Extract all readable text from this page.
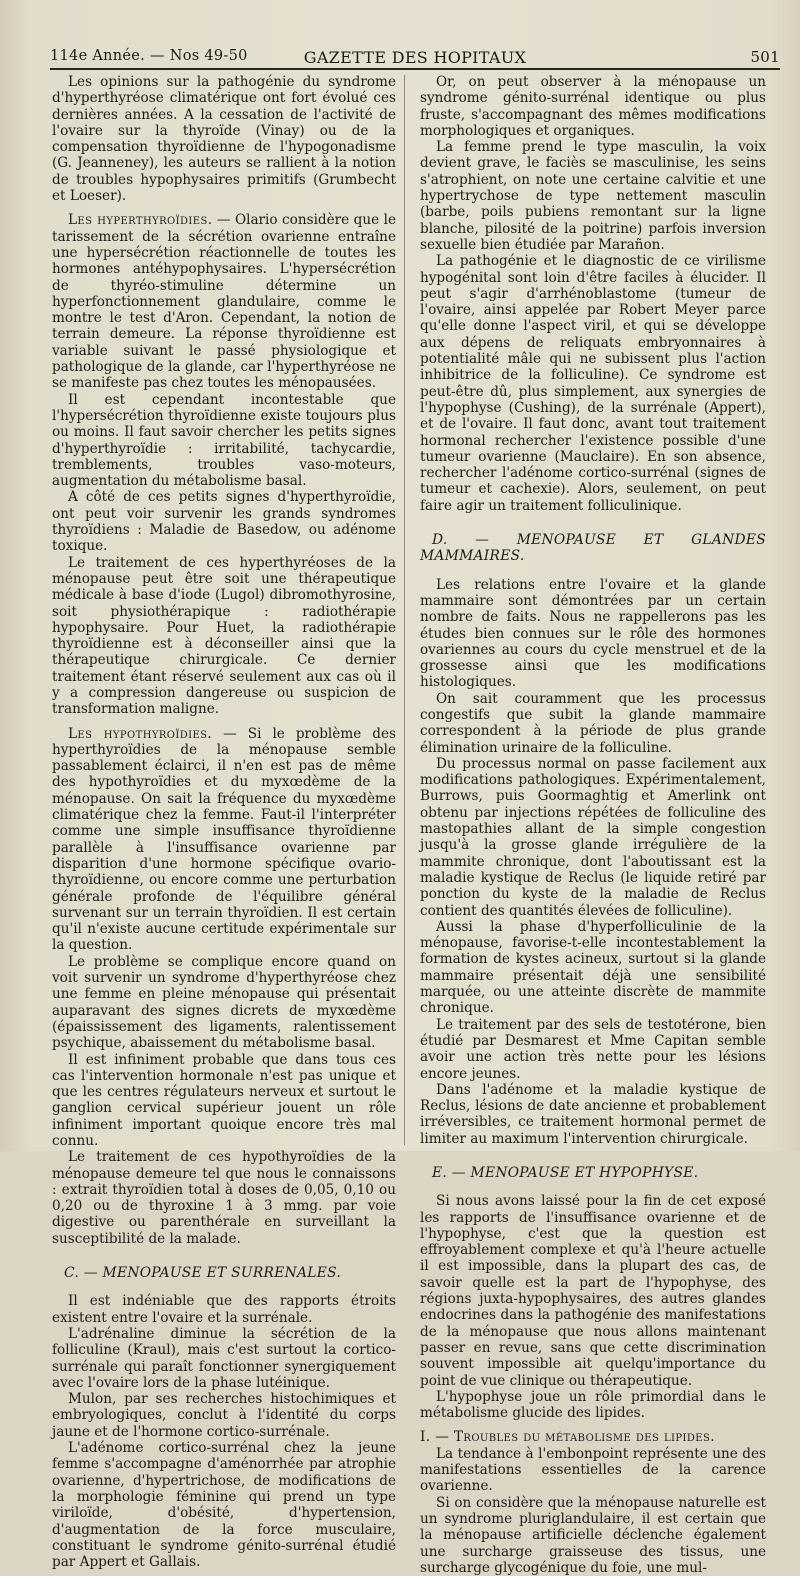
114e Année. — Nos 49-50	GAZETTE DES HOPITAUX	501

Les opinions sur la pathogénie du syndrome d'hyperthyréose climatérique ont fort évolué ces dernières années. A la cessation de l'activité de l'ovaire sur la thyroïde (Vinay) ou de la compensation thyroïdienne de l'hypogonadisme (G. Jeanneney), les auteurs se rallient à la notion de troubles hypophysaires primitifs (Grumbecht et Loeser).

Les hyperthyroïdies. — Olario considère que le tarissement de la sécrétion ovarienne entraîne une hypersécrétion réactionnelle de toutes les hormones antéhypophysaires. L'hypersécrétion de thyréo-stimuline détermine un hyperfonctionnement glandulaire, comme le montre le test d'Aron. Cependant, la notion de terrain demeure. La réponse thyroïdienne est variable suivant le passé physiologique et pathologique de la glande, car l'hyperthyréose ne se manifeste pas chez toutes les ménopausées.

Il est cependant incontestable que l'hypersécrétion thyroïdienne existe toujours plus ou moins. Il faut savoir chercher les petits signes d'hyperthyroïdie : irritabilité, tachycardie, tremblements, troubles vaso-moteurs, augmentation du métabolisme basal.

A côté de ces petits signes d'hyperthyroïdie, ont peut voir survenir les grands syndromes thyroïdiens : Maladie de Basedow, ou adénome toxique.

Le traitement de ces hyperthyréoses de la ménopause peut être soit une thérapeutique médicale à base d'iode (Lugol) dibromothyrosine, soit physiothérapique : radiothérapie hypophysaire. Pour Huet, la radiothérapie thyroïdienne est à déconseiller ainsi que la thérapeutique chirurgicale. Ce dernier traitement étant réservé seulement aux cas où il y a compression dangereuse ou suspicion de transformation maligne.

Les hypothyroïdies. — Si le problème des hyperthyroïdies de la ménopause semble passablement éclairci, il n'en est pas de même des hypothyroïdies et du myxœdème de la ménopause. On sait la fréquence du myxœdème climatérique chez la femme. Faut-il l'interpréter comme une simple insuffisance thyroïdienne parallèle à l'insuffisance ovarienne par disparition d'une hormone spécifique ovario-thyroïdienne, ou encore comme une perturbation générale profonde de l'équilibre général survenant sur un terrain thyroïdien. Il est certain qu'il n'existe aucune certitude expérimentale sur la question.

Le problème se complique encore quand on voit survenir un syndrome d'hyperthyréose chez une femme en pleine ménopause qui présentait auparavant des signes dicrets de myxœdème (épaississement des ligaments, ralentissement psychique, abaissement du métabolisme basal.

Il est infiniment probable que dans tous ces cas l'intervention hormonale n'est pas unique et que les centres régulateurs nerveux et surtout le ganglion cervical supérieur jouent un rôle infiniment important quoique encore très mal connu.

Le traitement de ces hypothyroïdies de la ménopause demeure tel que nous le connaissons : extrait thyroïdien total à doses de 0,05, 0,10 ou 0,20 ou de thyroxine 1 à 3 mmg. par voie digestive ou parenthérale en surveillant la susceptibilité de la malade.

C. — MENOPAUSE ET SURRENALES.

Il est indéniable que des rapports étroits existent entre l'ovaire et la surrénale.

L'adrénaline diminue la sécrétion de la folliculine (Kraul), mais c'est surtout la cortico-surrénale qui paraît fonctionner synergiquement avec l'ovaire lors de la phase lutéinique.

Mulon, par ses recherches histochimiques et embryologiques, conclut à l'identité du corps jaune et de l'hormone cortico-surrénale.

L'adénome cortico-surrénal chez la jeune femme s'accompagne d'aménorrhée par atrophie ovarienne, d'hypertrichose, de modifications de la morphologie féminine qui prend un type viriloïde, d'obésité, d'hypertension, d'augmentation de la force musculaire, constituant le syndrome génito-surrénal étudié par Appert et Gallais.

Or, on peut observer à la ménopause un syndrome génito-surrénal identique ou plus fruste, s'accompagnant des mêmes modifications morphologiques et organiques.

La femme prend le type masculin, la voix devient grave, le faciès se masculinise, les seins s'atrophient, on note une certaine calvitie et une hypertrychose de type nettement masculin (barbe, poils pubiens remontant sur la ligne blanche, pilosité de la poitrine) parfois inversion sexuelle bien étudiée par Marañon.

La pathogénie et le diagnostic de ce virilisme hypogénital sont loin d'être faciles à élucider. Il peut s'agir d'arrhénoblastome (tumeur de l'ovaire, ainsi appelée par Robert Meyer parce qu'elle donne l'aspect viril, et qui se développe aux dépens de reliquats embryonnaires à potentialité mâle qui ne subissent plus l'action inhibitrice de la folliculine). Ce syndrome est peut-être dû, plus simplement, aux synergies de l'hypophyse (Cushing), de la surrénale (Appert), et de l'ovaire. Il faut donc, avant tout traitement hormonal rechercher l'existence possible d'une tumeur ovarienne (Mauclaire). En son absence, rechercher l'adénome cortico-surrénal (signes de tumeur et cachexie). Alors, seulement, on peut faire agir un traitement folliculinique.

D. — MENOPAUSE ET GLANDES MAMMAIRES.

Les relations entre l'ovaire et la glande mammaire sont démontrées par un certain nombre de faits. Nous ne rappellerons pas les études bien connues sur le rôle des hormones ovariennes au cours du cycle menstruel et de la grossesse ainsi que les modifications histologiques.

On sait couramment que les processus congestifs que subit la glande mammaire correspondent à la période de plus grande élimination urinaire de la folliculine.

Du processus normal on passe facilement aux modifications pathologiques. Expérimentalement, Burrows, puis Goormaghtig et Amerlink ont obtenu par injections répétées de folliculine des mastopathies allant de la simple congestion jusqu'à la grosse glande irrégulière de la mammite chronique, dont l'aboutissant est la maladie kystique de Reclus (le liquide retiré par ponction du kyste de la maladie de Reclus contient des quantités élevées de folliculine).

Aussi la phase d'hyperfolliculinie de la ménopause, favorise-t-elle incontestablement la formation de kystes acineux, surtout si la glande mammaire présentait déjà une sensibilité marquée, ou une atteinte discrète de mammite chronique.

Le traitement par des sels de testotérone, bien étudié par Desmarest et Mme Capitan semble avoir une action très nette pour les lésions encore jeunes.

Dans l'adénome et la maladie kystique de Reclus, lésions de date ancienne et probablement irréversibles, ce traitement hormonal permet de limiter au maximum l'intervention chirurgicale.

E. — MENOPAUSE ET HYPOPHYSE.

Si nous avons laissé pour la fin de cet exposé les rapports de l'insuffisance ovarienne et de l'hypophyse, c'est que la question est effroyablement complexe et qu'à l'heure actuelle il est impossible, dans la plupart des cas, de savoir quelle est la part de l'hypophyse, des régions juxta-hypophysaires, des autres glandes endocrines dans la pathogénie des manifestations de la ménopause que nous allons maintenant passer en revue, sans que cette discrimination souvent impossible ait quelqu'importance du point de vue clinique ou thérapeutique.

L'hypophyse joue un rôle primordial dans le métabolisme glucide des lipides.

I. — Troubles du métabolisme des lipides.

La tendance à l'embonpoint représente une des manifestations essentielles de la carence ovarienne.

Si on considère que la ménopause naturelle est un syndrome pluriglandulaire, il est certain que la ménopause artificielle déclenche également une surcharge graisseuse des tissus, une surcharge glycogénique du foie, une mul-
